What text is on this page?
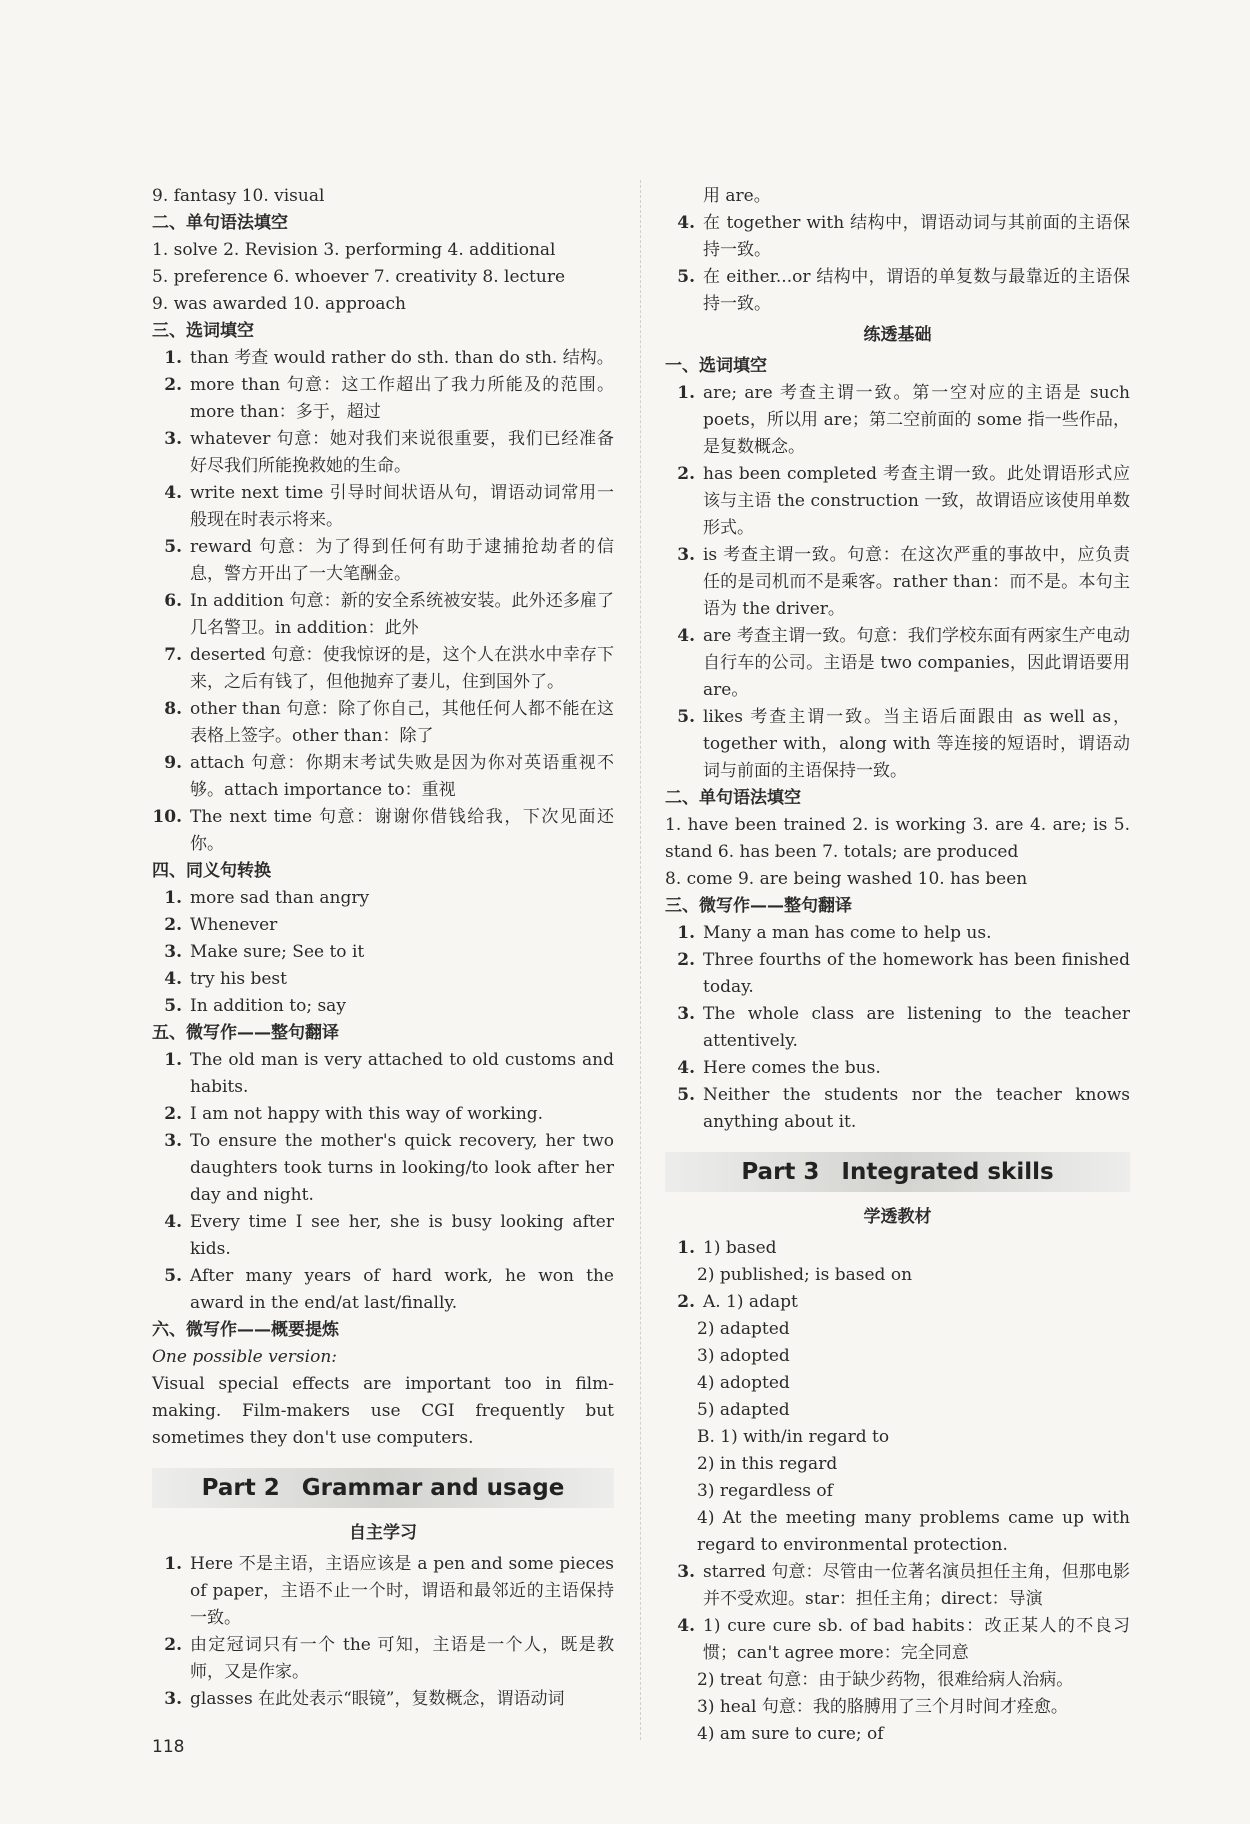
9. fantasy 10. visual
二、单句语法填空
1. solve 2. Revision 3. performing 4. additional
5. preference 6. whoever 7. creativity 8. lecture
9. was awarded 10. approach
三、选词填空
1. than 考查 would rather do sth. than do sth. 结构。
2. more than 句意：这工作超出了我力所能及的范围。more than：多于，超过
3. whatever 句意：她对我们来说很重要，我们已经准备好尽我们所能挽救她的生命。
4. write next time 引导时间状语从句，谓语动词常用一般现在时表示将来。
5. reward 句意：为了得到任何有助于逮捕抢劫者的信息，警方开出了一大笔酬金。
6. In addition 句意：新的安全系统被安装。此外还多雇了几名警卫。in addition：此外
7. deserted 句意：使我惊讶的是，这个人在洪水中幸存下来，之后有钱了，但他抛弃了妻儿，住到国外了。
8. other than 句意：除了你自己，其他任何人都不能在这表格上签字。other than：除了
9. attach 句意：你期末考试失败是因为你对英语重视不够。attach importance to：重视
10. The next time 句意：谢谢你借钱给我，下次见面还你。
四、同义句转换
1. more sad than angry
2. Whenever
3. Make sure; See to it
4. try his best
5. In addition to; say
五、微写作——整句翻译
1. The old man is very attached to old customs and habits.
2. I am not happy with this way of working.
3. To ensure the mother's quick recovery, her two daughters took turns in looking/to look after her day and night.
4. Every time I see her, she is busy looking after kids.
5. After many years of hard work, he won the award in the end/at last/finally.
六、微写作——概要提炼
One possible version:
Visual special effects are important too in film-making. Film-makers use CGI frequently but sometimes they don't use computers.
Part 2 Grammar and usage
自主学习
1. Here 不是主语，主语应该是 a pen and some pieces of paper，主语不止一个时，谓语和最邻近的主语保持一致。
2. 由定冠词只有一个 the 可知，主语是一个人，既是教师，又是作家。
3. glasses 在此处表示“眼镜”，复数概念，谓语动词
用 are。
4. 在 together with 结构中，谓语动词与其前面的主语保持一致。
5. 在 either...or 结构中，谓语的单复数与最靠近的主语保持一致。
练透基础
一、选词填空
1. are; are 考查主谓一致。第一空对应的主语是 such poets，所以用 are；第二空前面的 some 指一些作品，是复数概念。
2. has been completed 考查主谓一致。此处谓语形式应该与主语 the construction 一致，故谓语应该使用单数形式。
3. is 考查主谓一致。句意：在这次严重的事故中，应负责任的是司机而不是乘客。rather than：而不是。本句主语为 the driver。
4. are 考查主谓一致。句意：我们学校东面有两家生产电动自行车的公司。主语是 two companies，因此谓语要用 are。
5. likes 考查主谓一致。当主语后面跟由 as well as，together with，along with 等连接的短语时，谓语动词与前面的主语保持一致。
二、单句语法填空
1. have been trained 2. is working 3. are 4. are; is 5. stand 6. has been 7. totals; are produced
8. come 9. are being washed 10. has been
三、微写作——整句翻译
1. Many a man has come to help us.
2. Three fourths of the homework has been finished today.
3. The whole class are listening to the teacher attentively.
4. Here comes the bus.
5. Neither the students nor the teacher knows anything about it.
Part 3 Integrated skills
学透教材
1. 1) based
2) published; is based on
2. A. 1) adapt
2) adapted
3) adopted
4) adopted
5) adapted
B. 1) with/in regard to
2) in this regard
3) regardless of
4) At the meeting many problems came up with regard to environmental protection.
3. starred 句意：尽管由一位著名演员担任主角，但那电影并不受欢迎。star：担任主角；direct：导演
4. 1) cure cure sb. of bad habits：改正某人的不良习惯；can't agree more：完全同意
2) treat 句意：由于缺少药物，很难给病人治病。
3) heal 句意：我的胳膊用了三个月时间才痊愈。
4) am sure to cure; of
118
